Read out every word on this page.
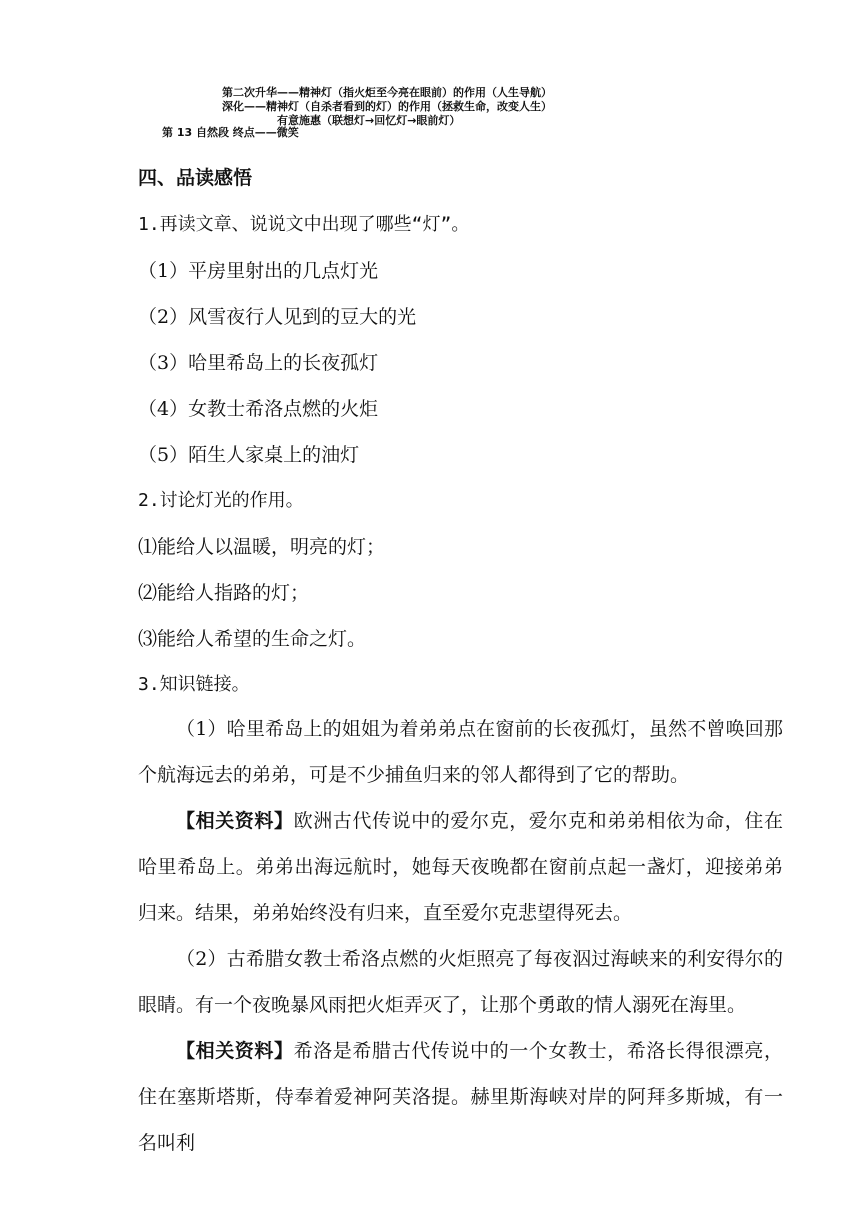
第二次升华——精神灯（指火炬至今亮在眼前）的作用（人生导航）
深化——精神灯（自杀者看到的灯）的作用（拯救生命，改变人生）
有意施惠（联想灯→回忆灯→眼前灯）
第 13 自然段 终点——微笑
四、品读感悟
1.再读文章、说说文中出现了哪些“灯”。
（1）平房里射出的几点灯光
（2）风雪夜行人见到的豆大的光
（3）哈里希岛上的长夜孤灯
（4）女教士希洛点燃的火炬
（5）陌生人家桌上的油灯
2.讨论灯光的作用。
⑴能给人以温暖，明亮的灯；
⑵能给人指路的灯；
⑶能给人希望的生命之灯。
3.知识链接。
（1）哈里希岛上的姐姐为着弟弟点在窗前的长夜孤灯，虽然不曾唤回那个航海远去的弟弟，可是不少捕鱼归来的邻人都得到了它的帮助。
【相关资料】欧洲古代传说中的爱尔克，爱尔克和弟弟相依为命，住在哈里希岛上。弟弟出海远航时，她每天夜晚都在窗前点起一盏灯，迎接弟弟归来。结果，弟弟始终没有归来，直至爱尔克悲望得死去。
（2）古希腊女教士希洛点燃的火炬照亮了每夜泅过海峡来的利安得尔的眼睛。有一个夜晚暴风雨把火炬弄灭了，让那个勇敢的情人溺死在海里。
【相关资料】希洛是希腊古代传说中的一个女教士，希洛长得很漂亮，住在塞斯塔斯，侍奉着爱神阿芙洛提。赫里斯海峡对岸的阿拜多斯城，有一名叫利
